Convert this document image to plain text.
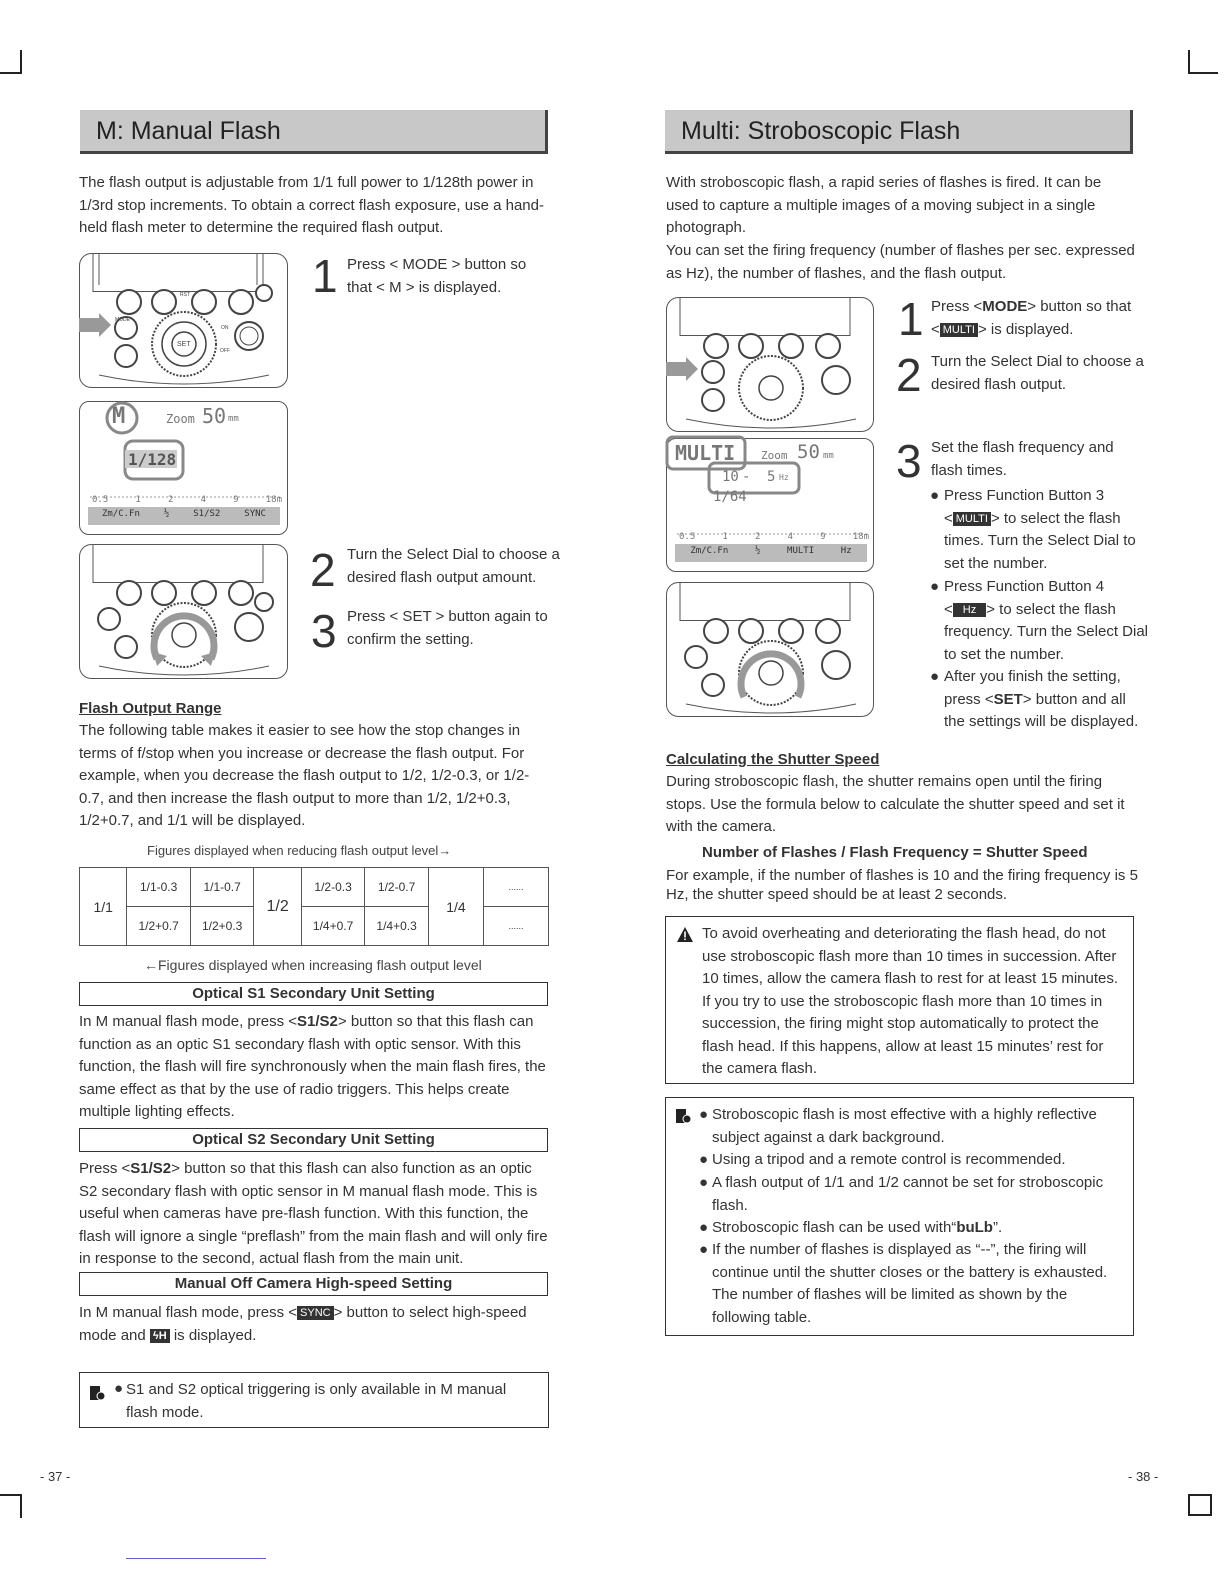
M: Manual Flash

The flash output is adjustable from 1/1 full power to 1/128th power in 1/3rd stop increments. To obtain a correct flash exposure, use a hand-held flash meter to determine the required flash output.

MODE
RST
SET
ON
OFF
M	Zoom 50 mm
1/128
0.5	1	2	4	9	18m
Zm/C.Fn	½	S1/S2	SYNC
1 Press < MODE > button so that < M > is displayed.

2 Turn the Select Dial to choose a desired flash output amount.

3 Press < SET > button again to confirm the setting.

Flash Output Range

The following table makes it easier to see how the stop changes in terms of f/stop when you increase or decrease the flash output. For example, when you decrease the flash output to 1/2, 1/2-0.3, or 1/2-0.7, and then increase the flash output to more than 1/2, 1/2+0.3, 1/2+0.7, and 1/1 will be displayed.

Figures displayed when reducing flash output level→

1/1	1/1-0.3	1/1-0.7	1/2	1/2-0.3	1/2-0.7	1/4	......
	1/2+0.7	1/2+0.3		1/4+0.7	1/4+0.3		......

←Figures displayed when increasing flash output level

Optical S1 Secondary Unit Setting

In M manual flash mode, press <S1/S2> button so that this flash can function as an optic S1 secondary flash with optic sensor. With this function, the flash will fire synchronously when the main flash fires, the same effect as that by the use of radio triggers. This helps create multiple lighting effects.

Optical S2 Secondary Unit Setting

Press <S1/S2> button so that this flash can also function as an optic S2 secondary flash with optic sensor in M manual flash mode. This is useful when cameras have pre-flash function. With this function, the flash will ignore a single “preflash” from the main flash and will only fire in response to the second, actual flash from the main unit.

Manual Off Camera High-speed Setting

In M manual flash mode, press < SYNC > button to select high-speed mode and ϟH is displayed.

● S1 and S2 optical triggering is only available in M manual flash mode.

- 37 -
Multi: Stroboscopic Flash

With stroboscopic flash, a rapid series of flashes is fired. It can be used to capture a multiple images of a moving subject in a single photograph.

You can set the firing frequency (number of flashes per sec. expressed as Hz), the number of flashes, and the flash output.

MULTI Zoom 50 mm
10 - 5 Hz
1/64
0.5	1	2	4	9	18m
Zm/C.Fn	½	MULTI	Hz
1 Press <MODE> button so that < MULTI > is displayed.

2 Turn the Select Dial to choose a desired flash output.

3 Set the flash frequency and flash times.

● Press Function Button 3
< MULTI > to select the flash times. Turn the Select Dial to set the number.

● Press Function Button 4
< Hz > to select the flash frequency. Turn the Select Dial to set the number.

● After you finish the setting, press <SET> button and all the settings will be displayed.

Calculating the Shutter Speed

During stroboscopic flash, the shutter remains open until the firing stops. Use the formula below to calculate the shutter speed and set it with the camera.

Number of Flashes / Flash Frequency = Shutter Speed

For example, if the number of flashes is 10 and the firing frequency is 5 Hz, the shutter speed should be at least 2 seconds.

To avoid overheating and deteriorating the flash head, do not use stroboscopic flash more than 10 times in succession. After 10 times, allow the camera flash to rest for at least 15 minutes. If you try to use the stroboscopic flash more than 10 times in succession, the firing might stop automatically to protect the flash head. If this happens, allow at least 15 minutes’ rest for the camera flash.

● Stroboscopic flash is most effective with a highly reflective subject against a dark background.

● Using a tripod and a remote control is recommended.

● A flash output of 1/1 and 1/2 cannot be set for stroboscopic flash.

● Stroboscopic flash can be used with“buLb”.

● If the number of flashes is displayed as “--”, the firing will continue until the shutter closes or the battery is exhausted. The number of flashes will be limited as shown by the following table.

- 38 -
